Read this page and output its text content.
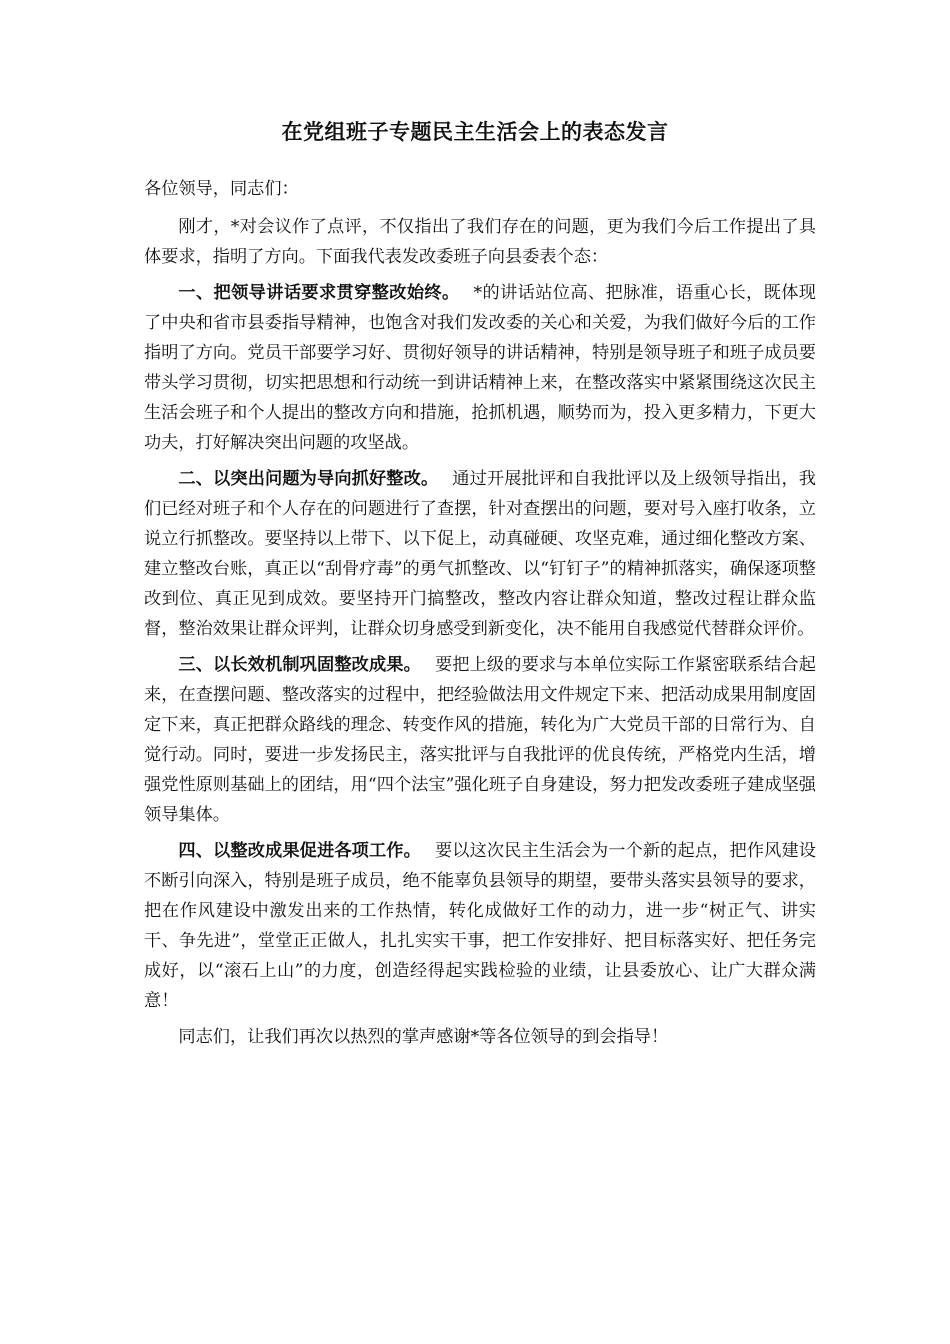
在党组班子专题民主生活会上的表态发言

各位领导，同志们：

刚才，*对会议作了点评，不仅指出了我们存在的问题，更为我们今后工作提出了具体要求，指明了方向。下面我代表发改委班子向县委表个态：

一、把领导讲话要求贯穿整改始终。 *的讲话站位高、把脉准，语重心长，既体现了中央和省市县委指导精神，也饱含对我们发改委的关心和关爱，为我们做好今后的工作指明了方向。党员干部要学习好、贯彻好领导的讲话精神，特别是领导班子和班子成员要带头学习贯彻，切实把思想和行动统一到讲话精神上来，在整改落实中紧紧围绕这次民主生活会班子和个人提出的整改方向和措施，抢抓机遇，顺势而为，投入更多精力，下更大功夫，打好解决突出问题的攻坚战。

二、以突出问题为导向抓好整改。 通过开展批评和自我批评以及上级领导指出，我们已经对班子和个人存在的问题进行了查摆，针对查摆出的问题，要对号入座打收条，立说立行抓整改。要坚持以上带下、以下促上，动真碰硬、攻坚克难，通过细化整改方案、建立整改台账，真正以“刮骨疗毒”的勇气抓整改、以“钉钉子”的精神抓落实，确保逐项整改到位、真正见到成效。要坚持开门搞整改，整改内容让群众知道，整改过程让群众监督，整治效果让群众评判，让群众切身感受到新变化，决不能用自我感觉代替群众评价。

三、以长效机制巩固整改成果。 要把上级的要求与本单位实际工作紧密联系结合起来，在查摆问题、整改落实的过程中，把经验做法用文件规定下来、把活动成果用制度固定下来，真正把群众路线的理念、转变作风的措施，转化为广大党员干部的日常行为、自觉行动。同时，要进一步发扬民主，落实批评与自我批评的优良传统，严格党内生活，增强党性原则基础上的团结，用“四个法宝”强化班子自身建设，努力把发改委班子建成坚强领导集体。

四、以整改成果促进各项工作。 要以这次民主生活会为一个新的起点，把作风建设不断引向深入，特别是班子成员，绝不能辜负县领导的期望，要带头落实县领导的要求，把在作风建设中激发出来的工作热情，转化成做好工作的动力，进一步“树正气、讲实干、争先进”，堂堂正正做人，扎扎实实干事，把工作安排好、把目标落实好、把任务完成好，以“滚石上山”的力度，创造经得起实践检验的业绩，让县委放心、让广大群众满意！

同志们，让我们再次以热烈的掌声感谢*等各位领导的到会指导！
